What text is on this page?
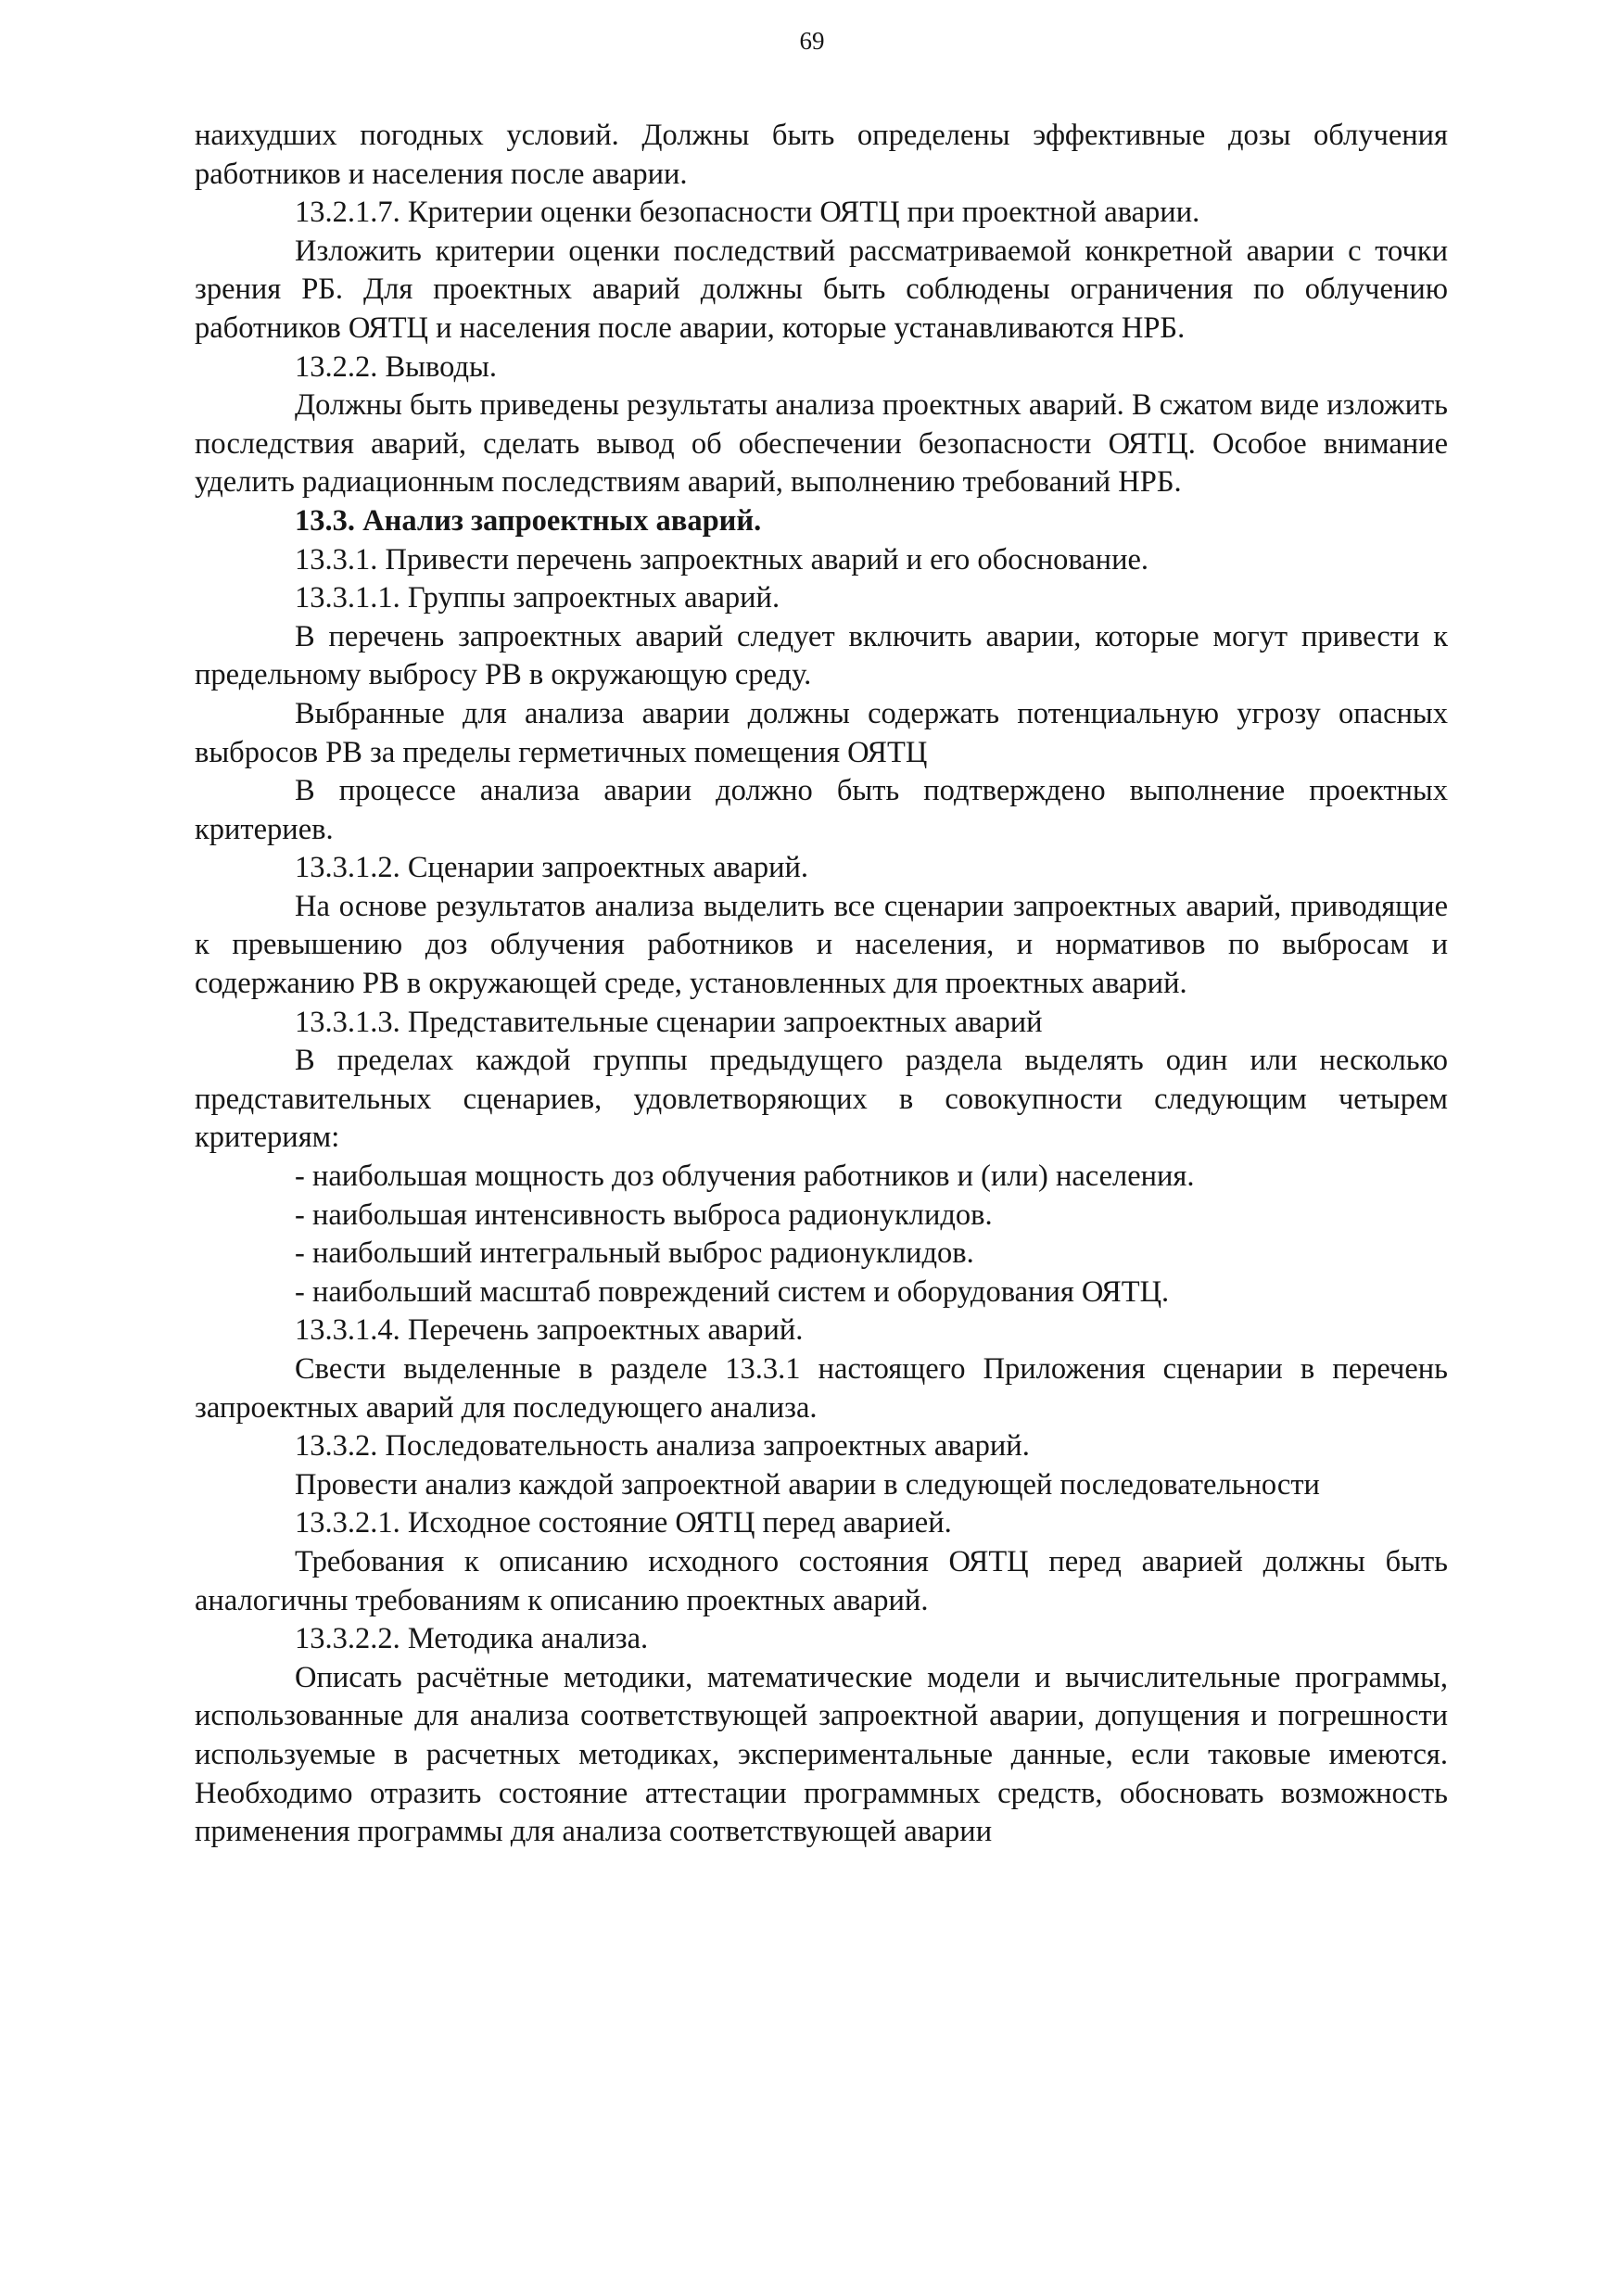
69

наихудших погодных условий. Должны быть определены эффективные дозы облучения работников и населения после аварии.

13.2.1.7. Критерии оценки безопасности ОЯТЦ при проектной аварии.

Изложить критерии оценки последствий рассматриваемой конкретной аварии с точки зрения РБ. Для проектных аварий должны быть соблюдены ограничения по облучению работников ОЯТЦ и населения после аварии, которые устанавливаются НРБ.

13.2.2. Выводы.

Должны быть приведены результаты анализа проектных аварий. В сжатом виде изложить последствия аварий, сделать вывод об обеспечении безопасности ОЯТЦ. Особое внимание уделить радиационным последствиям аварий, выполнению требований НРБ.

13.3. Анализ запроектных аварий.

13.3.1. Привести перечень запроектных аварий и его обоснование.

13.3.1.1. Группы запроектных аварий.

В перечень запроектных аварий следует включить аварии, которые могут привести к предельному выбросу РВ в окружающую среду.

Выбранные для анализа аварии должны содержать потенциальную угрозу опасных выбросов РВ за пределы герметичных помещения ОЯТЦ

В процессе анализа аварии должно быть подтверждено выполнение проектных критериев.

13.3.1.2. Сценарии запроектных аварий.

На основе результатов анализа выделить все сценарии запроектных аварий, приводящие к превышению доз облучения работников и населения, и нормативов по выбросам и содержанию РВ в окружающей среде, установленных для проектных аварий.

13.3.1.3. Представительные сценарии запроектных аварий

В пределах каждой группы предыдущего раздела выделять один или несколько представительных сценариев, удовлетворяющих в совокупности следующим четырем критериям:

- наибольшая мощность доз облучения работников и (или) населения.

- наибольшая интенсивность выброса радионуклидов.

- наибольший интегральный выброс радионуклидов.

- наибольший масштаб повреждений систем и оборудования ОЯТЦ.

13.3.1.4. Перечень запроектных аварий.

Свести выделенные в разделе 13.3.1 настоящего Приложения сценарии в перечень запроектных аварий для последующего анализа.

13.3.2. Последовательность анализа запроектных аварий.

Провести анализ каждой запроектной аварии в следующей последовательности

13.3.2.1. Исходное состояние ОЯТЦ перед аварией.

Требования к описанию исходного состояния ОЯТЦ перед аварией должны быть аналогичны требованиям к описанию проектных аварий.

13.3.2.2. Методика анализа.

Описать расчётные методики, математические модели и вычислительные программы, использованные для анализа соответствующей запроектной аварии, допущения и погрешности используемые в расчетных методиках, экспериментальные данные, если таковые имеются. Необходимо отразить состояние аттестации программных средств, обосновать возможность применения программы для анализа соответствующей аварии
